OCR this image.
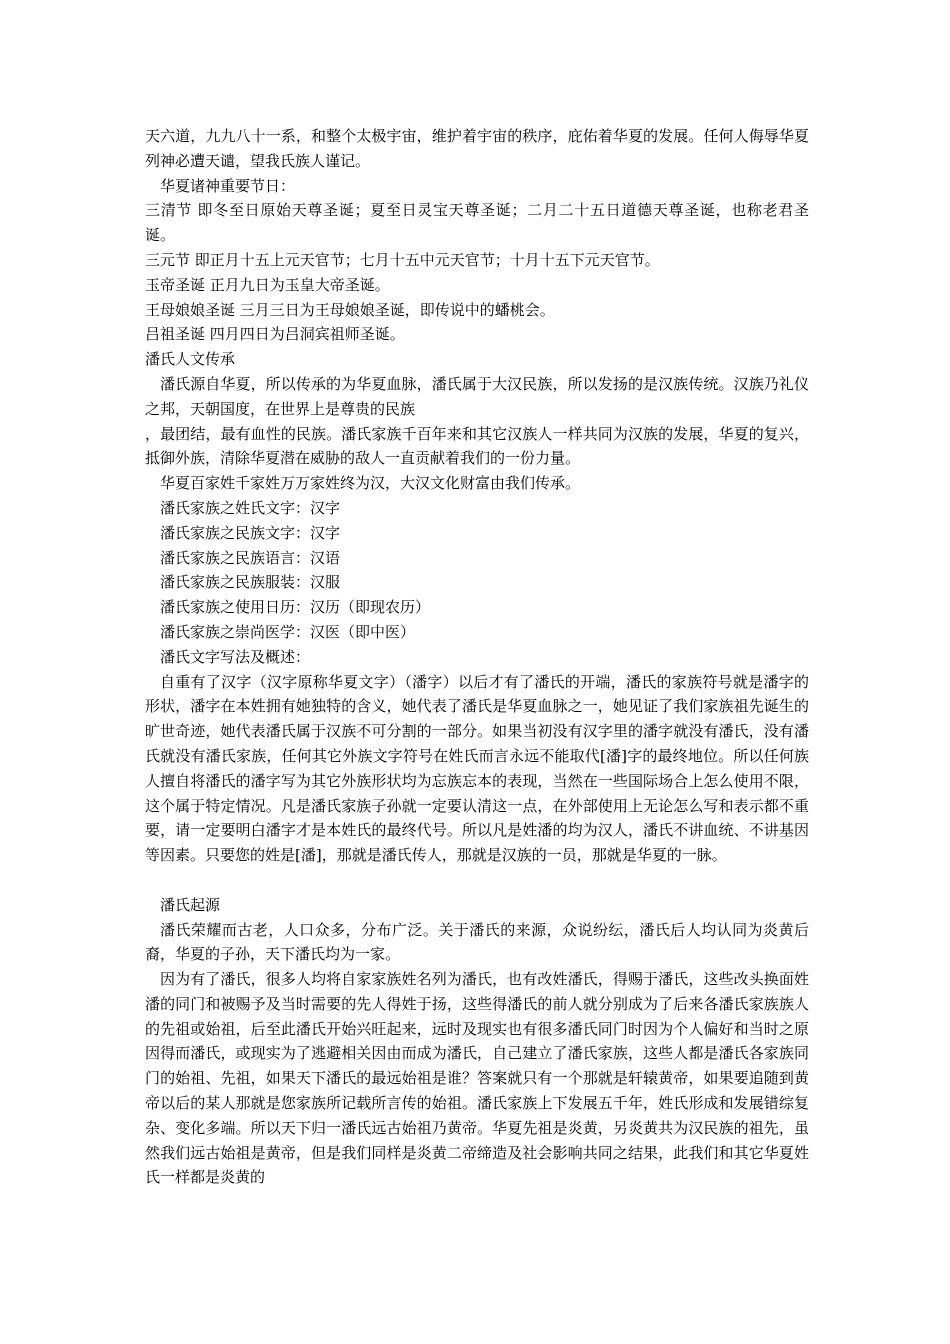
天六道，九九八十一系，和整个太极宇宙，维护着宇宙的秩序，庇佑着华夏的发展。任何人侮辱华夏列神必遭天谴，望我氏族人谨记。

华夏诸神重要节日：

三清节 即冬至日原始天尊圣诞；夏至日灵宝天尊圣诞；二月二十五日道德天尊圣诞，也称老君圣诞。

三元节 即正月十五上元天官节；七月十五中元天官节；十月十五下元天官节。

玉帝圣诞 正月九日为玉皇大帝圣诞。

王母娘娘圣诞 三月三日为王母娘娘圣诞，即传说中的蟠桃会。

吕祖圣诞 四月四日为吕洞宾祖师圣诞。

潘氏人文传承

潘氏源自华夏，所以传承的为华夏血脉，潘氏属于大汉民族，所以发扬的是汉族传统。汉族乃礼仪之邦，天朝国度，在世界上是尊贵的民族

，最团结，最有血性的民族。潘氏家族千百年来和其它汉族人一样共同为汉族的发展，华夏的复兴，抵御外族，清除华夏潜在威胁的敌人一直贡献着我们的一份力量。

华夏百家姓千家姓万万家姓终为汉，大汉文化财富由我们传承。

潘氏家族之姓氏文字：汉字

潘氏家族之民族文字：汉字

潘氏家族之民族语言：汉语

潘氏家族之民族服装：汉服

潘氏家族之使用日历：汉历（即现农历）

潘氏家族之崇尚医学：汉医（即中医）

潘氏文字写法及概述：

自重有了汉字（汉字原称华夏文字）（潘字）以后才有了潘氏的开端，潘氏的家族符号就是潘字的形状，潘字在本姓拥有她独特的含义，她代表了潘氏是华夏血脉之一，她见证了我们家族祖先诞生的旷世奇迹，她代表潘氏属于汉族不可分割的一部分。如果当初没有汉字里的潘字就没有潘氏，没有潘氏就没有潘氏家族，任何其它外族文字符号在姓氏而言永远不能取代[潘]字的最终地位。所以任何族人擅自将潘氏的潘字写为其它外族形状均为忘族忘本的表现，当然在一些国际场合上怎么使用不限，这个属于特定情况。凡是潘氏家族子孙就一定要认清这一点，在外部使用上无论怎么写和表示都不重要，请一定要明白潘字才是本姓氏的最终代号。所以凡是姓潘的均为汉人，潘氏不讲血统、不讲基因等因素。只要您的姓是[潘]，那就是潘氏传人，那就是汉族的一员，那就是华夏的一脉。

潘氏起源

潘氏荣耀而古老，人口众多，分布广泛。关于潘氏的来源，众说纷纭，潘氏后人均认同为炎黄后裔，华夏的子孙，天下潘氏均为一家。

因为有了潘氏，很多人均将自家家族姓名列为潘氏，也有改姓潘氏，得赐于潘氏，这些改头换面姓潘的同门和被赐予及当时需要的先人得姓于扬，这些得潘氏的前人就分别成为了后来各潘氏家族族人的先祖或始祖，后至此潘氏开始兴旺起来，远时及现实也有很多潘氏同门时因为个人偏好和当时之原因得而潘氏，或现实为了逃避相关因由而成为潘氏，自己建立了潘氏家族，这些人都是潘氏各家族同门的始祖、先祖，如果天下潘氏的最远始祖是谁？答案就只有一个那就是轩辕黄帝，如果要追随到黄帝以后的某人那就是您家族所记载所言传的始祖。潘氏家族上下发展五千年，姓氏形成和发展错综复杂、变化多端。所以天下归一潘氏远古始祖乃黄帝。华夏先祖是炎黄，另炎黄共为汉民族的祖先，虽然我们远古始祖是黄帝，但是我们同样是炎黄二帝缔造及社会影响共同之结果，此我们和其它华夏姓氏一样都是炎黄的
